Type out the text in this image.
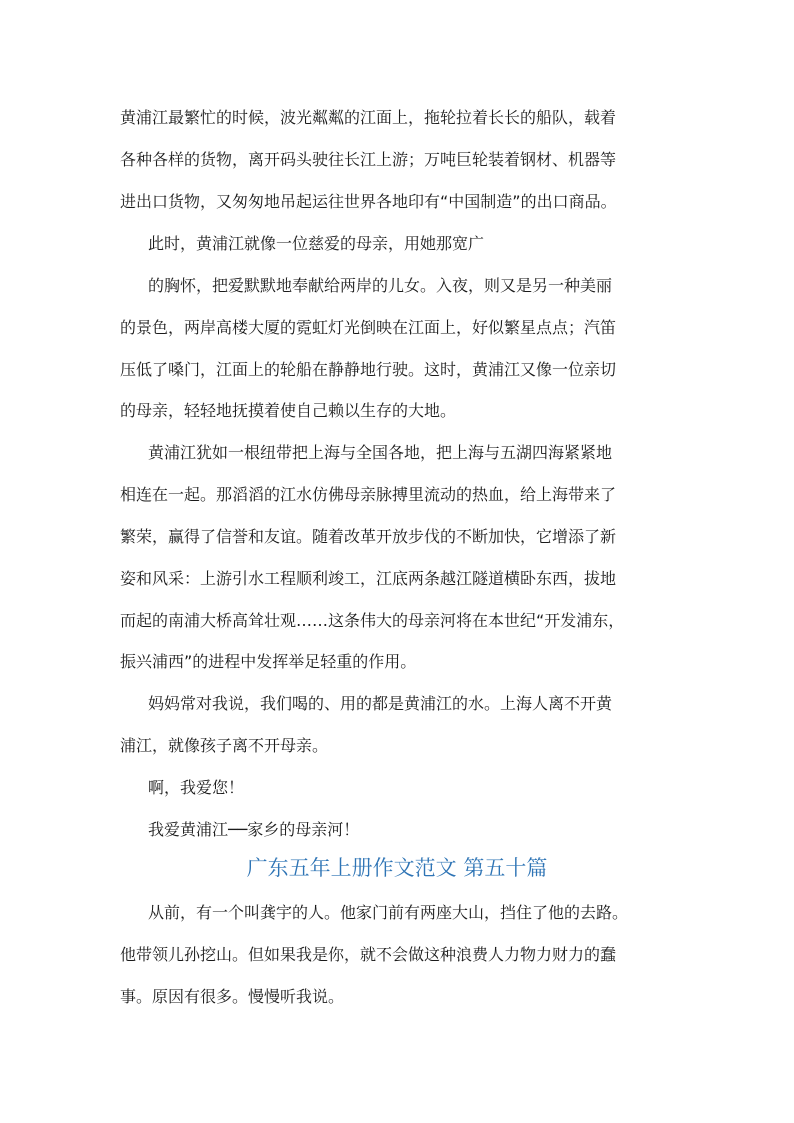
黄浦江最繁忙的时候，波光粼粼的江面上，拖轮拉着长长的船队，载着
各种各样的货物，离开码头驶往长江上游；万吨巨轮装着钢材、机器等
进出口货物，又匆匆地吊起运往世界各地印有“中国制造”的出口商品。
此时，黄浦江就像一位慈爱的母亲，用她那宽广
的胸怀，把爱默默地奉献给两岸的儿女。入夜，则又是另一种美丽
的景色，两岸高楼大厦的霓虹灯光倒映在江面上，好似繁星点点；汽笛
压低了嗓门，江面上的轮船在静静地行驶。这时，黄浦江又像一位亲切
的母亲，轻轻地抚摸着使自己赖以生存的大地。
黄浦江犹如一根纽带把上海与全国各地，把上海与五湖四海紧紧地
相连在一起。那滔滔的江水仿佛母亲脉搏里流动的热血，给上海带来了
繁荣，赢得了信誉和友谊。随着改革开放步伐的不断加快，它增添了新
姿和风采：上游引水工程顺利竣工，江底两条越江隧道横卧东西，拔地
而起的南浦大桥高耸壮观……这条伟大的母亲河将在本世纪“开发浦东，
振兴浦西”的进程中发挥举足轻重的作用。
妈妈常对我说，我们喝的、用的都是黄浦江的水。上海人离不开黄
浦江，就像孩子离不开母亲。
啊，我爱您！
我爱黄浦江──家乡的母亲河！
广东五年上册作文范文 第五十篇
从前，有一个叫龚宇的人。他家门前有两座大山，挡住了他的去路。
他带领儿孙挖山。但如果我是你，就不会做这种浪费人力物力财力的蠢
事。原因有很多。慢慢听我说。
